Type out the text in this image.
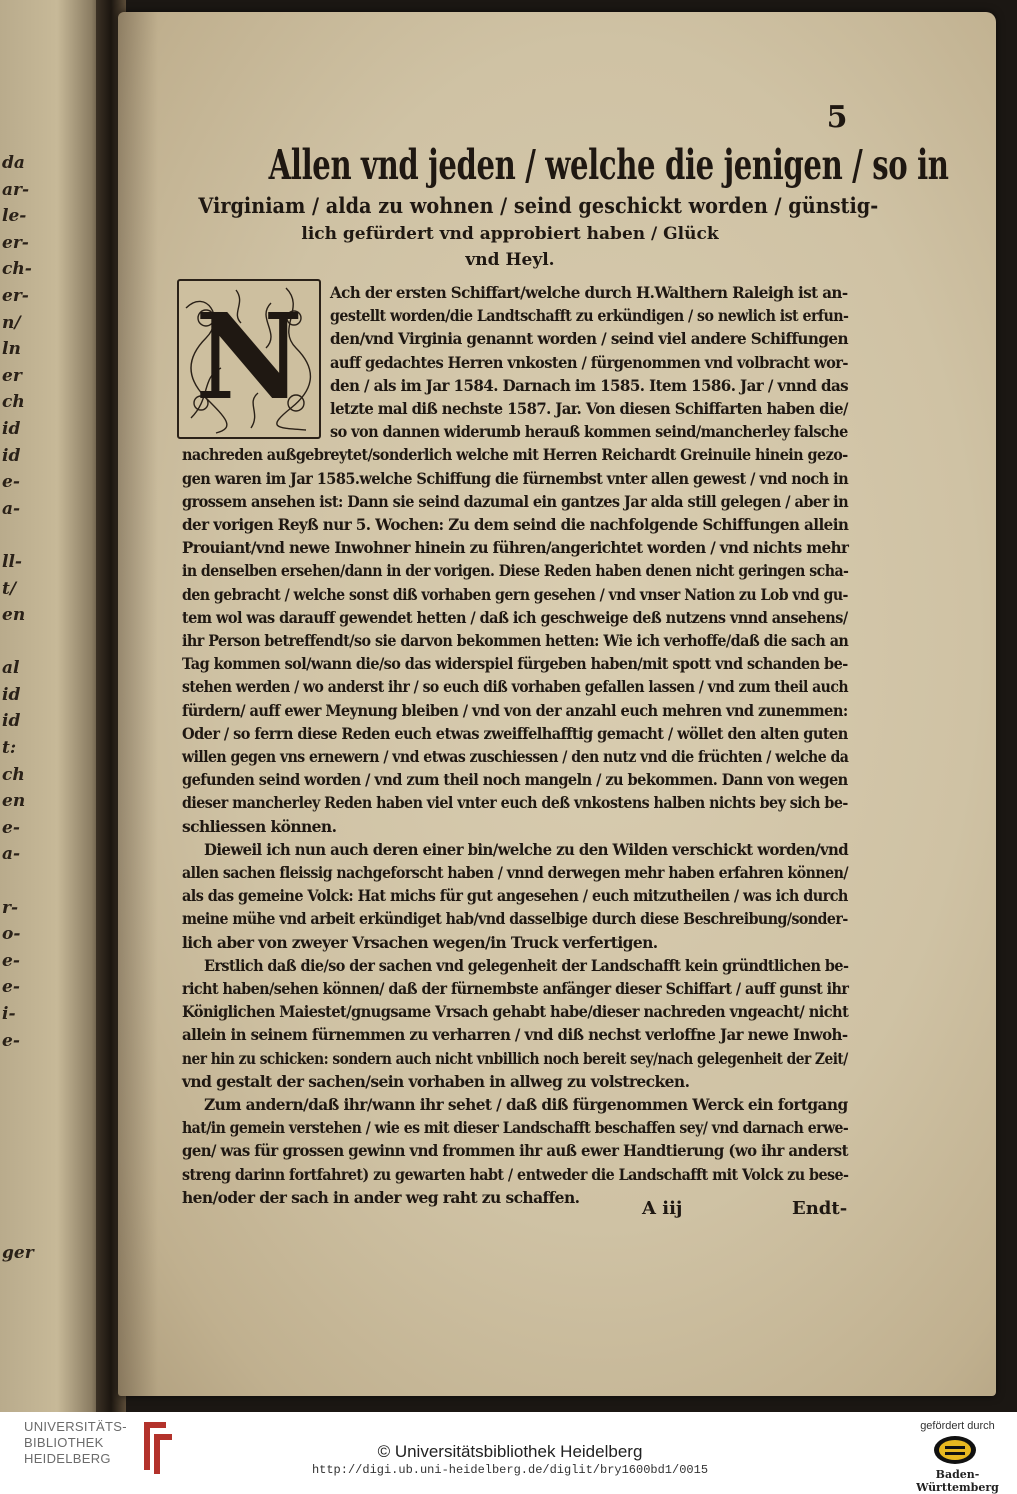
da
ar-
le-
er-
ch-
er-
n/
ln
er
ch
id
id
e-
a-
ll-
t/
en
al
id
id
t:
ch
en
e-
a-
r-
o-
e-
e-
i-
e-
ger
5
Allen vnd jeden / welche die jenigen / so in
Virginiam / alda zu wohnen / seind geschickt worden / günstig-
lich gefürdert vnd approbiert haben / Glück
vnd Heyl.
N Ach der ersten Schiffart/welche durch H.Walthern Raleigh ist an-
gestellt worden/die Landtschafft zu erkündigen / so newlich ist erfun-
den/vnd Virginia genannt worden / seind viel andere Schiffungen
auff gedachtes Herren vnkosten / fürgenommen vnd volbracht wor-
den / als im Jar 1584. Darnach im 1585. Item 1586. Jar / vnnd das
letzte mal diß nechste 1587. Jar. Von diesen Schiffarten haben die/
so von dannen widerumb herauß kommen seind/mancherley falsche
nachreden außgebreytet/sonderlich welche mit Herren Reichardt Greinuile hinein gezo-
gen waren im Jar 1585.welche Schiffung die fürnembst vnter allen gewest / vnd noch in
grossem ansehen ist: Dann sie seind dazumal ein gantzes Jar alda still gelegen / aber in
der vorigen Reyß nur 5. Wochen: Zu dem seind die nachfolgende Schiffungen allein
Prouiant/vnd newe Inwohner hinein zu führen/angerichtet worden / vnd nichts mehr
in denselben ersehen/dann in der vorigen. Diese Reden haben denen nicht geringen scha-
den gebracht / welche sonst diß vorhaben gern gesehen / vnd vnser Nation zu Lob vnd gu-
tem wol was darauff gewendet hetten / daß ich geschweige deß nutzens vnnd ansehens/
ihr Person betreffendt/so sie darvon bekommen hetten: Wie ich verhoffe/daß die sach an
Tag kommen sol/wann die/so das widerspiel fürgeben haben/mit spott vnd schanden be-
stehen werden / wo anderst ihr / so euch diß vorhaben gefallen lassen / vnd zum theil auch
fürdern/ auff ewer Meynung bleiben / vnd von der anzahl euch mehren vnd zunemmen:
Oder / so ferrn diese Reden euch etwas zweiffelhafftig gemacht / wöllet den alten guten
willen gegen vns ernewern / vnd etwas zuschiessen / den nutz vnd die früchten / welche da
gefunden seind worden / vnd zum theil noch mangeln / zu bekommen. Dann von wegen
dieser mancherley Reden haben viel vnter euch deß vnkostens halben nichts bey sich be-
schliessen können.
Dieweil ich nun auch deren einer bin/welche zu den Wilden verschickt worden/vnd
allen sachen fleissig nachgeforscht haben / vnnd derwegen mehr haben erfahren können/
als das gemeine Volck: Hat michs für gut angesehen / euch mitzutheilen / was ich durch
meine mühe vnd arbeit erkündiget hab/vnd dasselbige durch diese Beschreibung/sonder-
lich aber von zweyer Vrsachen wegen/in Truck verfertigen.
Erstlich daß die/so der sachen vnd gelegenheit der Landschafft kein gründtlichen be-
richt haben/sehen können/ daß der fürnembste anfänger dieser Schiffart / auff gunst ihr
Königlichen Maiestet/gnugsame Vrsach gehabt habe/dieser nachreden vngeacht/ nicht
allein in seinem fürnemmen zu verharren / vnd diß nechst verloffne Jar newe Inwoh-
ner hin zu schicken: sondern auch nicht vnbillich noch bereit sey/nach gelegenheit der Zeit/
vnd gestalt der sachen/sein vorhaben in allweg zu volstrecken.
Zum andern/daß ihr/wann ihr sehet / daß diß fürgenommen Werck ein fortgang
hat/in gemein verstehen / wie es mit dieser Landschafft beschaffen sey/ vnd darnach erwe-
gen/ was für grossen gewinn vnd frommen ihr auß ewer Handtierung (wo ihr anderst
streng darinn fortfahret) zu gewarten habt / entweder die Landschafft mit Volck zu bese-
hen/oder der sach in ander weg raht zu schaffen.
A iij	Endt-
UNIVERSITÄTS-
BIBLIOTHEK
HEIDELBERG	© Universitätsbibliothek Heidelberg
http://digi.ub.uni-heidelberg.de/diglit/bry1600bd1/0015
gefördert durch
Baden-Württemberg
